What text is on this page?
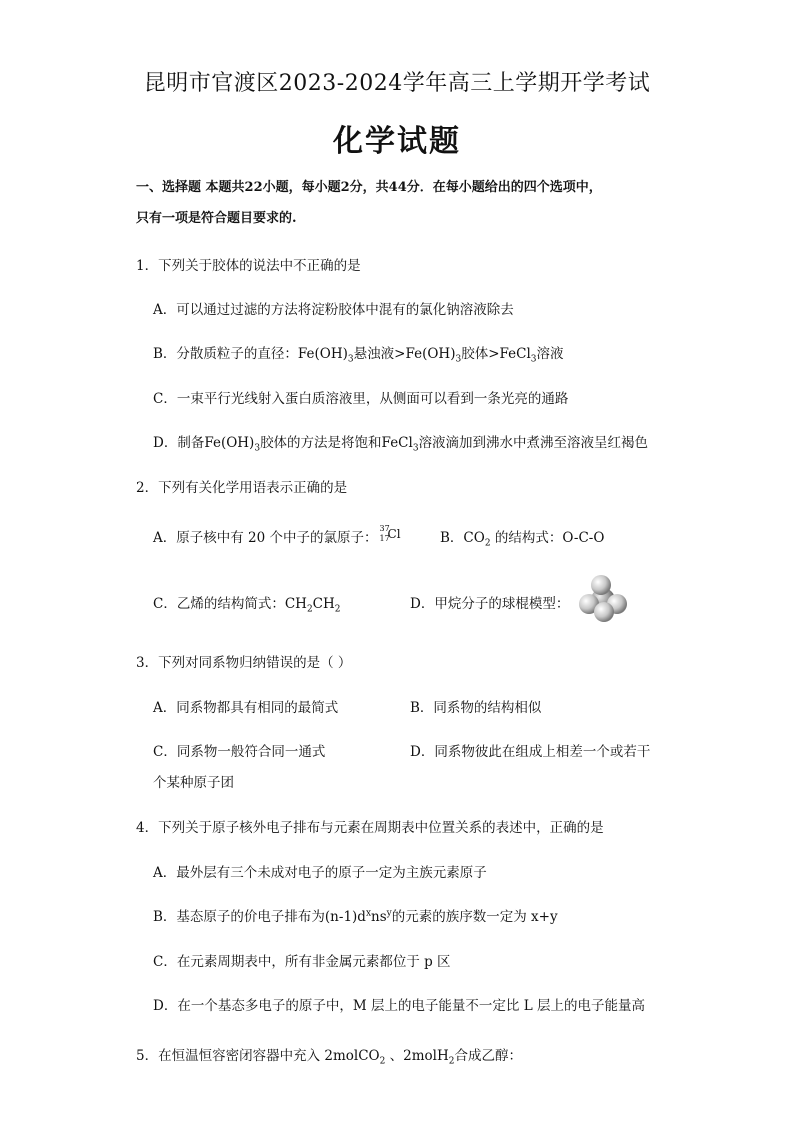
昆明市官渡区2023-2024学年高三上学期开学考试
化学试题
一、选择题 本题共22小题，每小题2分，共44分．在每小题给出的四个选项中，
只有一项是符合题目要求的.
1．下列关于胶体的说法中不正确的是
A．可以通过过滤的方法将淀粉胶体中混有的氯化钠溶液除去
B．分散质粒子的直径：$Fe(OH)_3$悬浊液$>Fe(OH)_3$胶体>FeCl$_3$溶液
C．一束平行光线射入蛋白质溶液里，从侧面可以看到一条光亮的通路
D．制备$Fe(OH)_3$胶体的方法是将饱和FeCl$_3$溶液滴加到沸水中煮沸至溶液呈红褐色
2．下列有关化学用语表示正确的是
A．原子核中有 20 个中子的氯原子：
37
17
Cl	B．$CO_2$ 的结构式：O-C-O
C．乙烯的结构简式：$CH_2CH_2$	D．甲烷分子的球棍模型：
3．下列对同系物归纳错误的是（ ）
A．同系物都具有相同的最简式	B．同系物的结构相似
C．同系物一般符合同一通式	D．同系物彼此在组成上相差一个或若干
个某种原子团
4．下列关于原子核外电子排布与元素在周期表中位置关系的表述中，正确的是
A．最外层有三个未成对电子的原子一定为主族元素原子
B．基态原子的价电子排布为$(n-1)d^xns^y$的元素的族序数一定为 x+y
C．在元素周期表中，所有非金属元素都位于 p 区
D．在一个基态多电子的原子中，M 层上的电子能量不一定比 L 层上的电子能量高
5．在恒温恒容密闭容器中充入 2molCO$_2$ 、2molH$_2$合成乙醇：
